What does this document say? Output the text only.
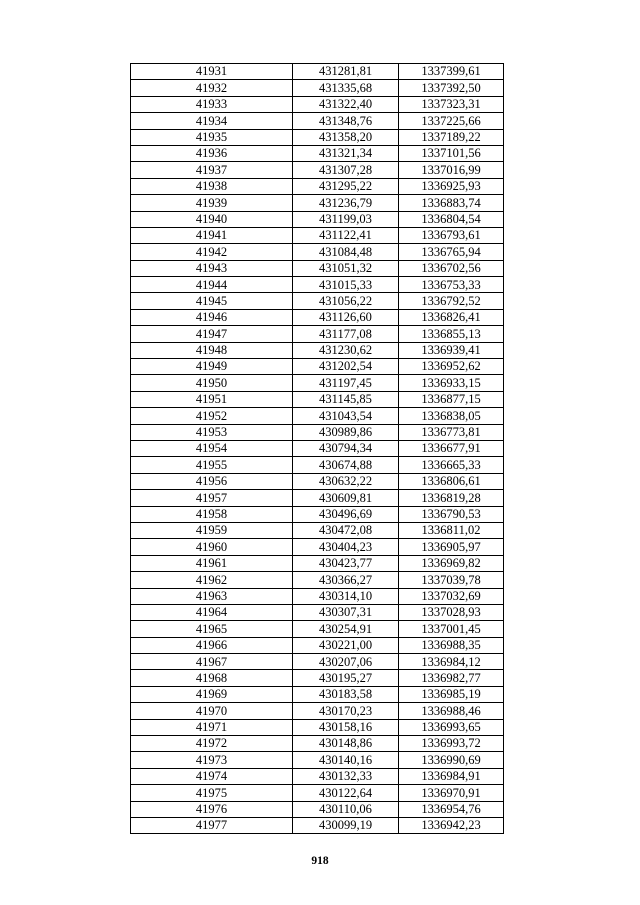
41931	431281,81	1337399,61
41932	431335,68	1337392,50
41933	431322,40	1337323,31
41934	431348,76	1337225,66
41935	431358,20	1337189,22
41936	431321,34	1337101,56
41937	431307,28	1337016,99
41938	431295,22	1336925,93
41939	431236,79	1336883,74
41940	431199,03	1336804,54
41941	431122,41	1336793,61
41942	431084,48	1336765,94
41943	431051,32	1336702,56
41944	431015,33	1336753,33
41945	431056,22	1336792,52
41946	431126,60	1336826,41
41947	431177,08	1336855,13
41948	431230,62	1336939,41
41949	431202,54	1336952,62
41950	431197,45	1336933,15
41951	431145,85	1336877,15
41952	431043,54	1336838,05
41953	430989,86	1336773,81
41954	430794,34	1336677,91
41955	430674,88	1336665,33
41956	430632,22	1336806,61
41957	430609,81	1336819,28
41958	430496,69	1336790,53
41959	430472,08	1336811,02
41960	430404,23	1336905,97
41961	430423,77	1336969,82
41962	430366,27	1337039,78
41963	430314,10	1337032,69
41964	430307,31	1337028,93
41965	430254,91	1337001,45
41966	430221,00	1336988,35
41967	430207,06	1336984,12
41968	430195,27	1336982,77
41969	430183,58	1336985,19
41970	430170,23	1336988,46
41971	430158,16	1336993,65
41972	430148,86	1336993,72
41973	430140,16	1336990,69
41974	430132,33	1336984,91
41975	430122,64	1336970,91
41976	430110,06	1336954,76
41977	430099,19	1336942,23
918
